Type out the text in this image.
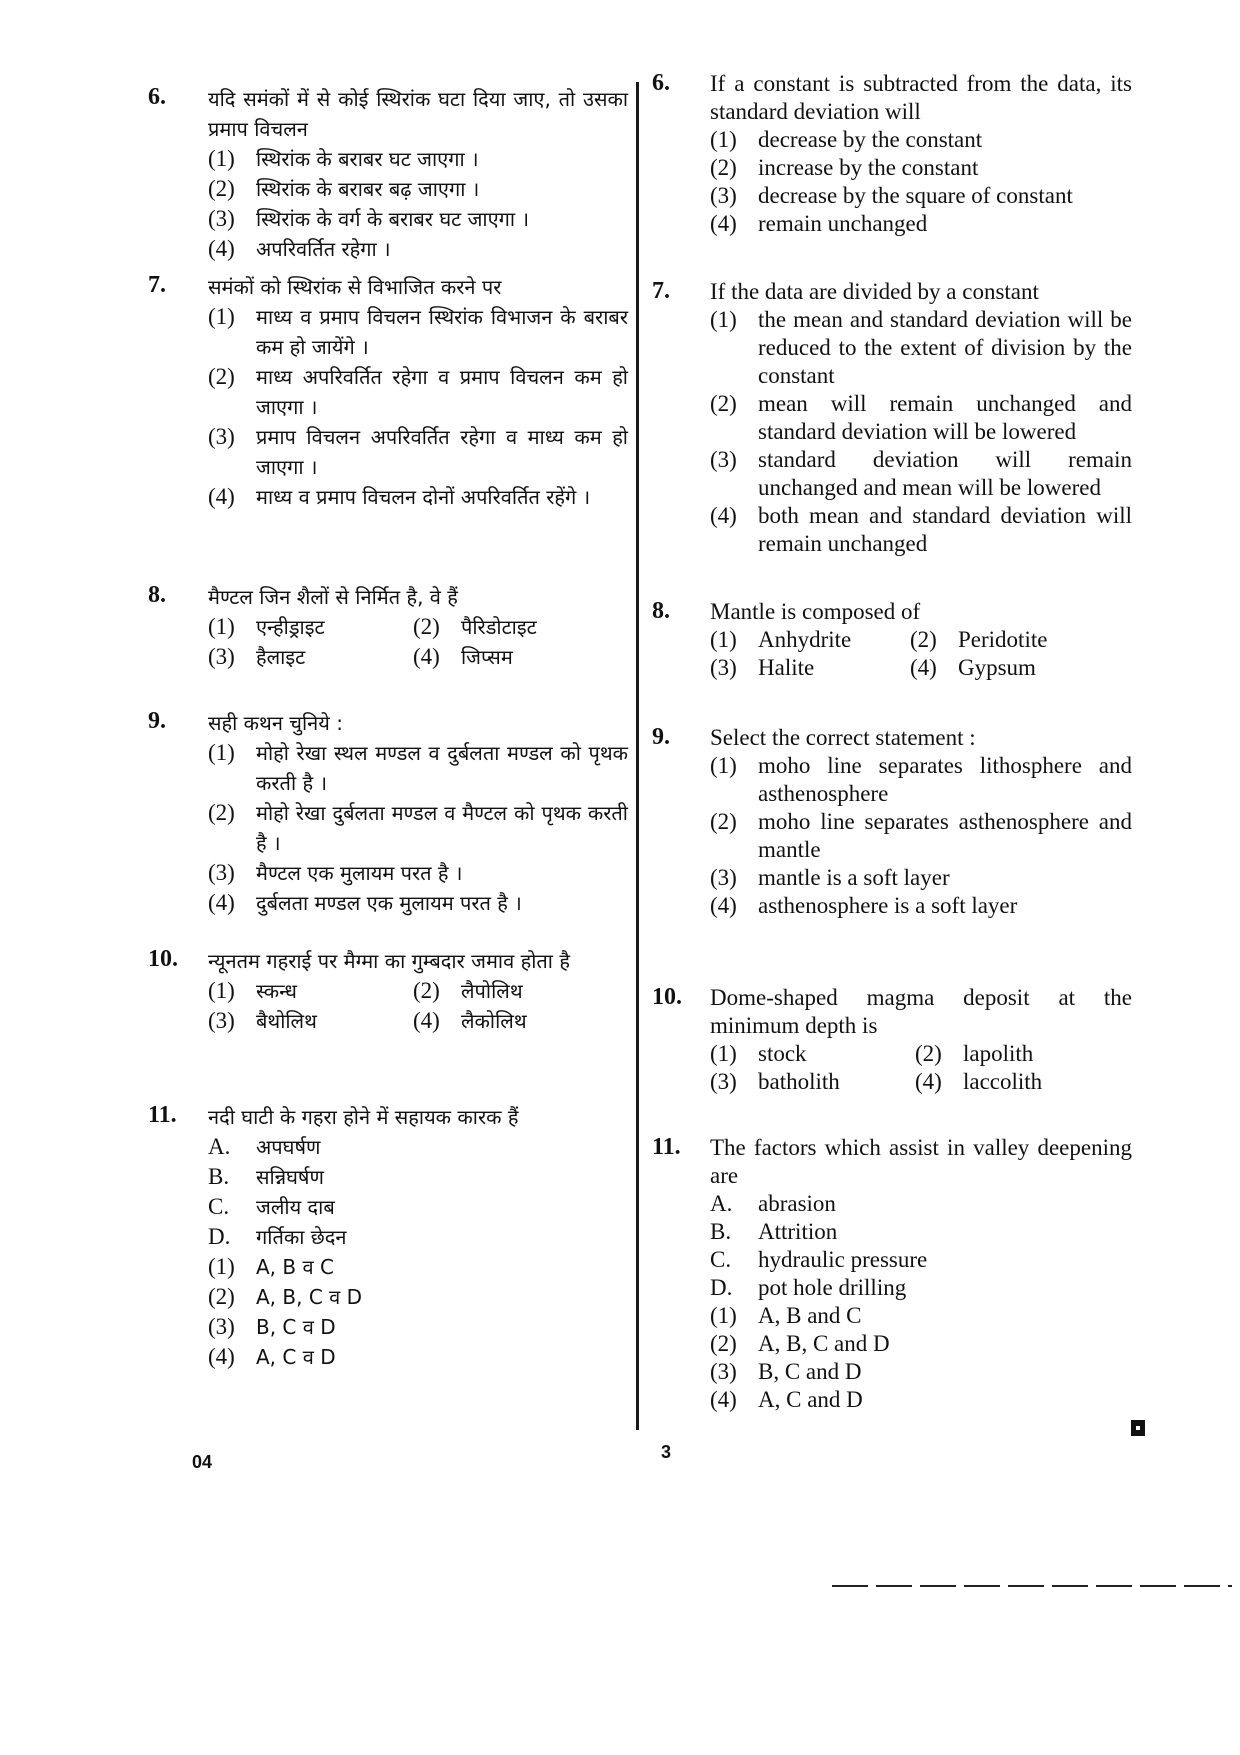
6. यदि समंकों में से कोई स्थिरांक घटा दिया जाए, तो उसका प्रमाप विचलन
(1)	स्थिरांक के बराबर घट जाएगा ।
(2)	स्थिरांक के बराबर बढ़ जाएगा ।
(3)	स्थिरांक के वर्ग के बराबर घट जाएगा ।
(4)	अपरिवर्तित रहेगा ।
7. समंकों को स्थिरांक से विभाजित करने पर
(1)	माध्य व प्रमाप विचलन स्थिरांक विभाजन के बराबर कम हो जायेंगे ।
(2)	माध्य अपरिवर्तित रहेगा व प्रमाप विचलन कम हो जाएगा ।
(3)	प्रमाप विचलन अपरिवर्तित रहेगा व माध्य कम हो जाएगा ।
(4)	माध्य व प्रमाप विचलन दोनों अपरिवर्तित रहेंगे ।
8. मैण्टल जिन शैलों से निर्मित है, वे हैं
(1)	एन्हीड्राइट	(2)	पैरिडोटाइट
(3)	हैलाइट	(4)	जिप्सम
9. सही कथन चुनिये :
(1)	मोहो रेखा स्थल मण्डल व दुर्बलता मण्डल को पृथक करती है ।
(2)	मोहो रेखा दुर्बलता मण्डल व मैण्टल को पृथक करती है ।
(3)	मैण्टल एक मुलायम परत है ।
(4)	दुर्बलता मण्डल एक मुलायम परत है ।
10. न्यूनतम गहराई पर मैग्मा का गुम्बदार जमाव होता है
(1)	स्कन्ध	(2)	लैपोलिथ
(3)	बैथोलिथ	(4)	लैकोलिथ
11. नदी घाटी के गहरा होने में सहायक कारक हैं
A.	अपघर्षण
B.	सन्निघर्षण
C.	जलीय दाब
D.	गर्तिका छेदन
(1)	A, B व C
(2)	A, B, C व D
(3)	B, C व D
(4)	A, C व D
6. If a constant is subtracted from the data, its standard deviation will
(1) decrease by the constant
(2) increase by the constant
(3) decrease by the square of constant
(4) remain unchanged
7. If the data are divided by a constant
(1) the mean and standard deviation will be reduced to the extent of division by the constant
(2) mean will remain unchanged and standard deviation will be lowered
(3) standard deviation will remain unchanged and mean will be lowered
(4) both mean and standard deviation will remain unchanged
8. Mantle is composed of
(1) Anhydrite	(2) Peridotite
(3) Halite	(4) Gypsum
9. Select the correct statement :
(1) moho line separates lithosphere and asthenosphere
(2) moho line separates asthenosphere and mantle
(3) mantle is a soft layer
(4) asthenosphere is a soft layer
10. Dome-shaped magma deposit at the minimum depth is
(1) stock	(2) lapolith
(3) batholith	(4) laccolith
11. The factors which assist in valley deepening are
A.	abrasion
B.	Attrition
C.	hydraulic pressure
D.	pot hole drilling
(1) A, B and C
(2) A, B, C and D
(3) B, C and D
(4) A, C and D
04	3
